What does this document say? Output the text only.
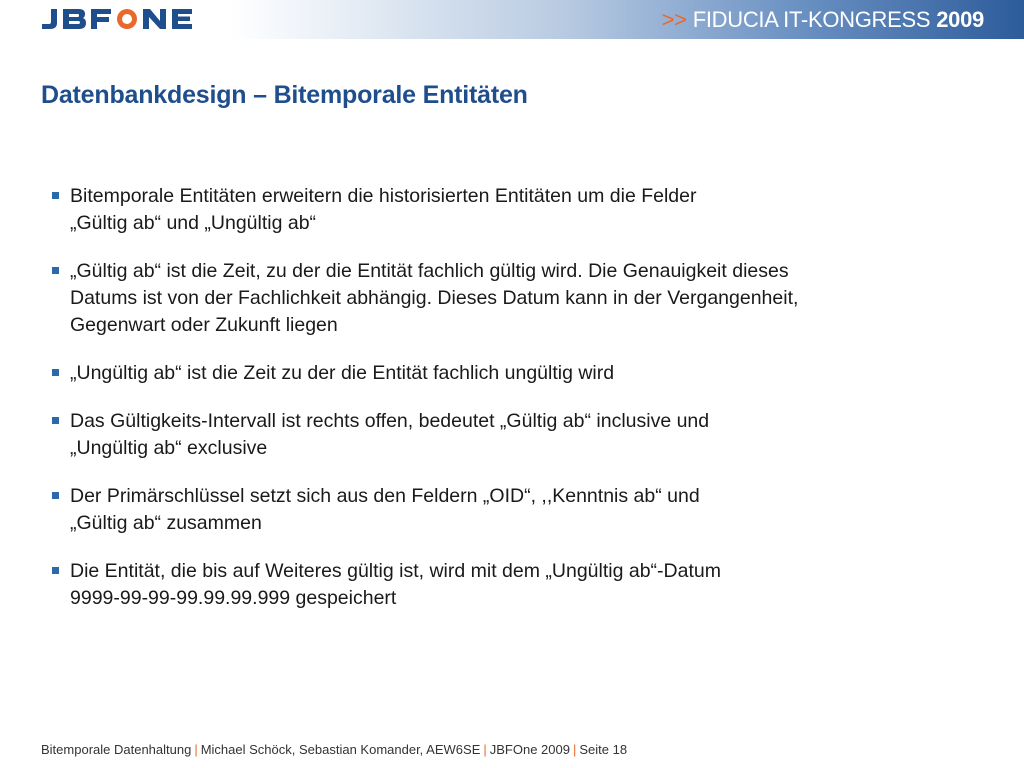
>> FIDUCIA IT-KONGRESS 2009
Datenbankdesign – Bitemporale Entitäten
Bitemporale Entitäten erweitern die historisierten Entitäten um die Felder
„Gültig ab“ und „Ungültig ab“
„Gültig ab“ ist die Zeit, zu der die Entität fachlich gültig wird. Die Genauigkeit dieses
Datums ist von der Fachlichkeit abhängig. Dieses Datum kann in der Vergangenheit,
Gegenwart oder Zukunft liegen
„Ungültig ab“ ist die Zeit zu der die Entität fachlich ungültig wird
Das Gültigkeits-Intervall ist rechts offen, bedeutet „Gültig ab“ inclusive und
„Ungültig ab“ exclusive
Der Primärschlüssel setzt sich aus den Feldern „OID“, ,,Kenntnis ab“ und
„Gültig ab“ zusammen
Die Entität, die bis auf Weiteres gültig ist, wird mit dem „Ungültig ab“-Datum
9999-99-99-99.99.99.999 gespeichert
Bitemporale Datenhaltung | Michael Schöck, Sebastian Komander, AEW6SE | JBFOne 2009 | Seite 18
